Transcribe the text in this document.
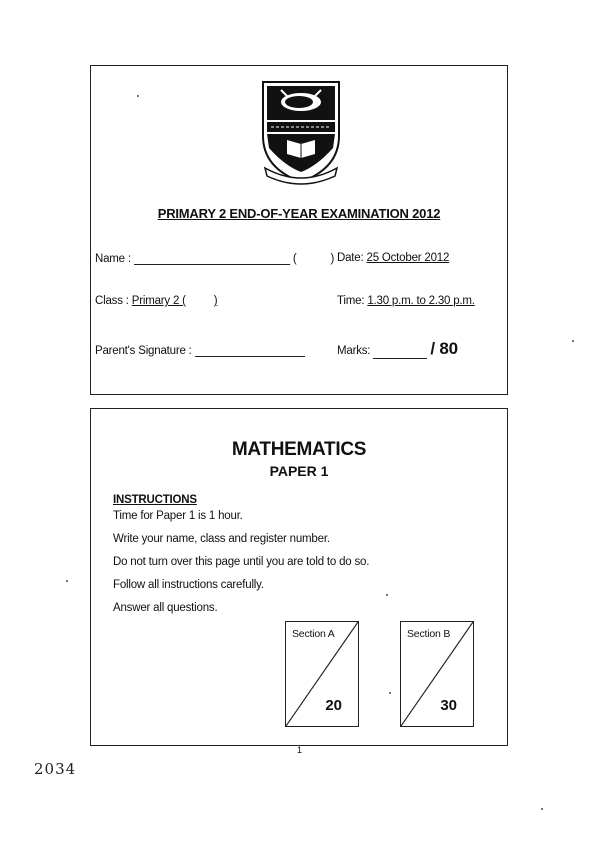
PRIMARY 2 END-OF-YEAR EXAMINATION 2012
Name :	(	) Date: 25 October 2012
Class : Primary 2 ( )	Time: 1.30 p.m. to 2.30 p.m.
Parent's Signature :	Marks:	/ 80
MATHEMATICS
PAPER 1
INSTRUCTIONS
Time for Paper 1 is 1 hour.
Write your name, class and register number.
Do not turn over this page until you are told to do so.
Follow all instructions carefully.
Answer all questions.
Section A
20
Section B
30
1
2034
